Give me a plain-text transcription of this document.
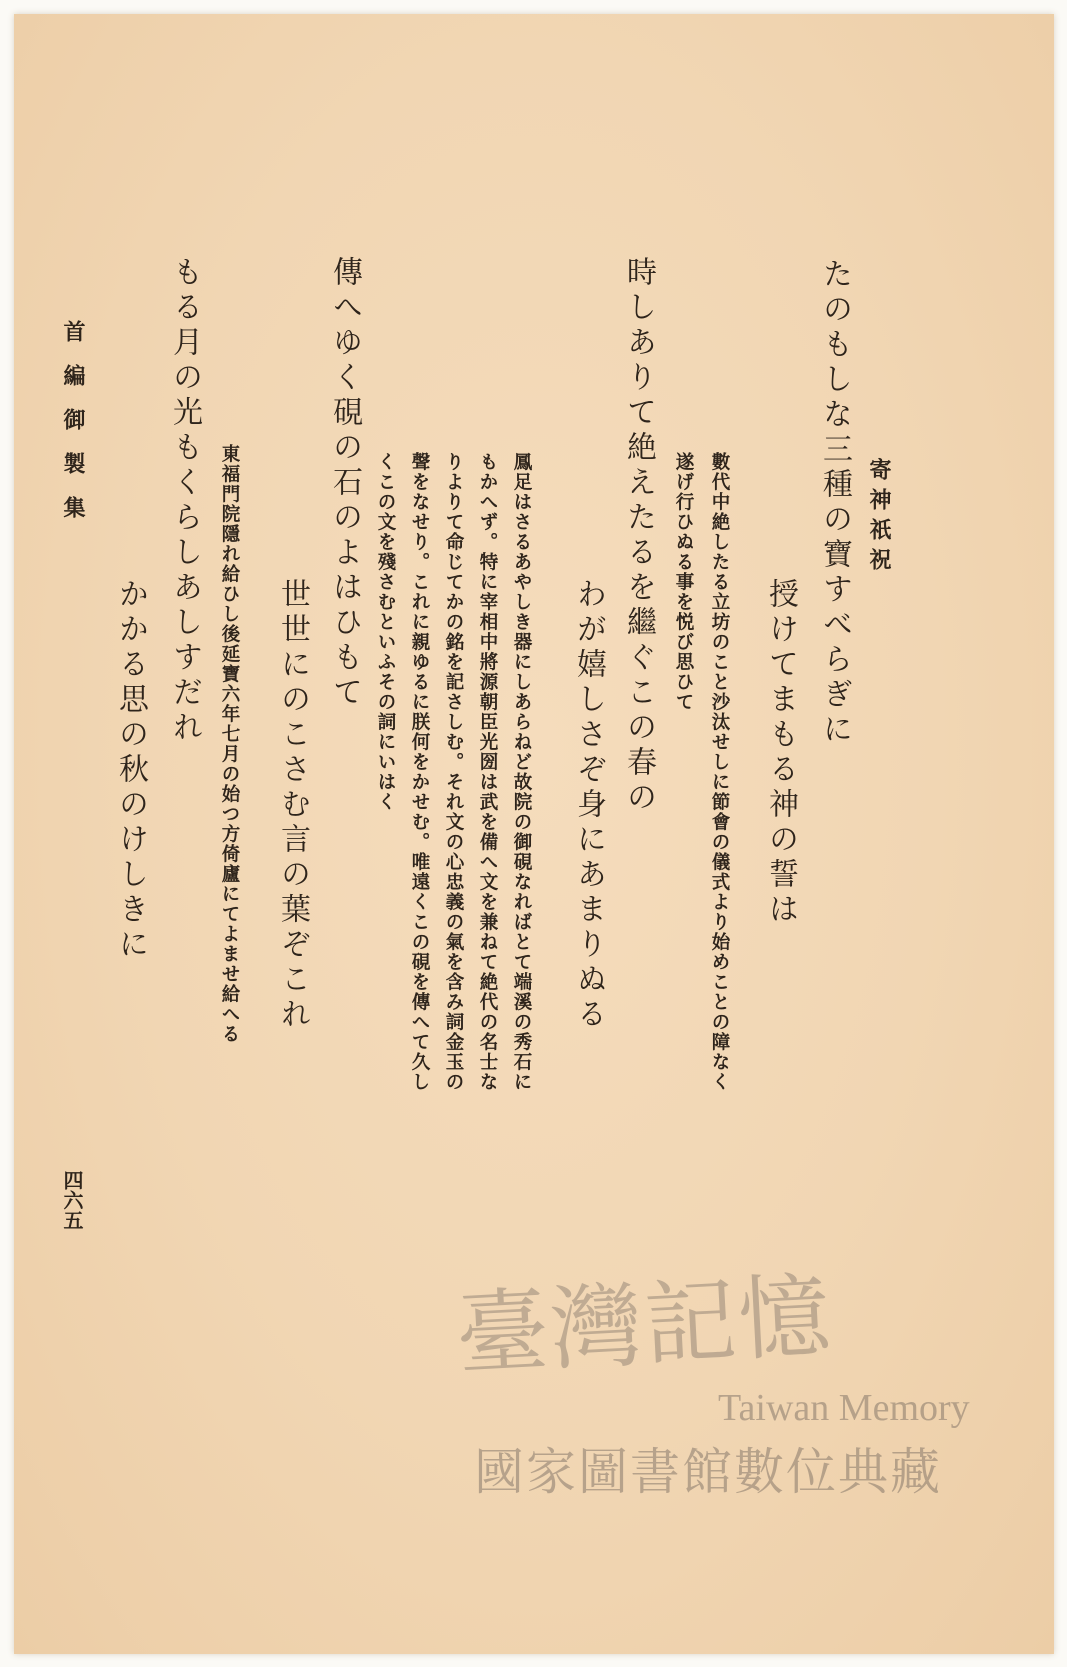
寄神祇祝
たのもしな三種の寶すべらぎに
數代中絶したる立坊のこと沙汰せしに節會の儀式より始めことの障なく
遂げ行ひぬる事を悦び思ひて 授けてまもる神の誓は
時しありて絶えたるを繼ぐこの春の
わが嬉しさぞ身にあまりぬる
鳳足はさるあやしき器にしあらねど故院の御硯なればとて端溪の秀石に
もかへず。特に宰相中將源朝臣光圀は武を備へ文を兼ねて絶代の名士な
りよりて命じてかの銘を記さしむ。それ文の心忠義の氣を含み詞金玉の
聲をなせり。これに親ゆるに朕何をかせむ。唯遠くこの硯を傳へて久し
くこの文を殘さむといふその詞にいはく
傳へゆく硯の石のよはひもて
世世にのこさむ言の葉ぞこれ
東福門院隱れ給ひし後延寶六年七月の始つ方倚廬にてよませ給へる
もる月の光もくらしあしすだれ
かかる思の秋のけしきに
首編御製集
四六五
臺灣記憶
Taiwan Memory
國家圖書館數位典藏
